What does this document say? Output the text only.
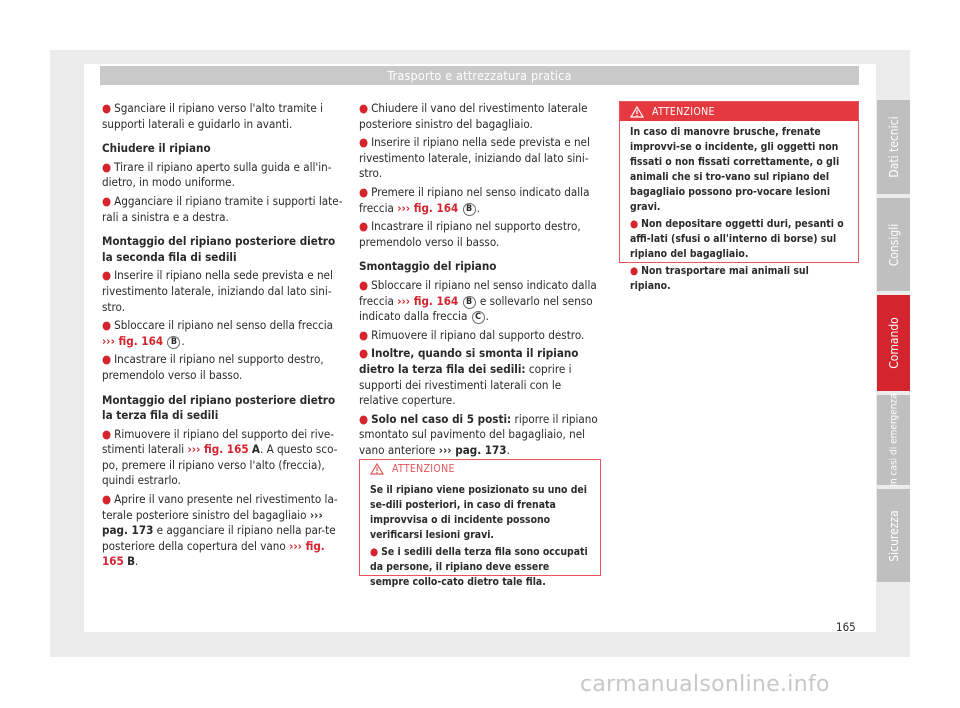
Trasporto e attrezzatura pratica

● Sganciare il ripiano verso l'alto tramite i supporti laterali e guidarlo in avanti.

Chiudere il ripiano

● Tirare il ripiano aperto sulla guida e all'in-dietro, in modo uniforme.

● Agganciare il ripiano tramite i supporti late-rali a sinistra e a destra.

Montaggio del ripiano posteriore dietro la seconda fila di sedili

● Inserire il ripiano nella sede prevista e nel rivestimento laterale, iniziando dal lato sini-stro.

● Sbloccare il ripiano nel senso della freccia ››› fig. 164 B .

● Incastrare il ripiano nel supporto destro, premendolo verso il basso.

Montaggio del ripiano posteriore dietro la terza fila di sedili

● Rimuovere il ripiano del supporto dei rive-stimenti laterali ››› fig. 165 A. A questo sco-po, premere il ripiano verso l'alto (freccia), quindi estrarlo.

● Aprire il vano presente nel rivestimento la-terale posteriore sinistro del bagagliaio ››› pag. 173 e agganciare il ripiano nella par-te posteriore della copertura del vano ››› fig. 165 B.

● Chiudere il vano del rivestimento laterale posteriore sinistro del bagagliaio.

● Inserire il ripiano nella sede prevista e nel rivestimento laterale, iniziando dal lato sini-stro.

● Premere il ripiano nel senso indicato dalla freccia ››› fig. 164 B .

● Incastrare il ripiano nel supporto destro, premendolo verso il basso.

Smontaggio del ripiano

● Sbloccare il ripiano nel senso indicato dalla freccia ››› fig. 164 B e sollevarlo nel senso indicato dalla freccia C .

● Rimuovere il ripiano dal supporto destro.

● Inoltre, quando si smonta il ripiano dietro la terza fila dei sedili: coprire i supporti dei rivestimenti laterali con le relative coperture.

● Solo nel caso di 5 posti: riporre il ripiano smontato sul pavimento del bagagliaio, nel vano anteriore ››› pag. 173.

ATTENZIONE

Se il ripiano viene posizionato su uno dei se-dili posteriori, in caso di frenata improvvisa o di incidente possono verificarsi lesioni gravi.

● Se i sedili della terza fila sono occupati da persone, il ripiano deve essere sempre collo-cato dietro tale fila.

ATTENZIONE

In caso di manovre brusche, frenate improvvi-se o incidente, gli oggetti non fissati o non fissati correttamente, o gli animali che si tro-vano sul ripiano del bagagliaio possono pro-vocare lesioni gravi.

● Non depositare oggetti duri, pesanti o affi-lati (sfusi o all'interno di borse) sul ripiano del bagagliaio.

● Non trasportare mai animali sul ripiano.

Dati tecnici
Consigli
Comando
In casi di emergenza
Sicurezza
165
carmanualsonline.info
